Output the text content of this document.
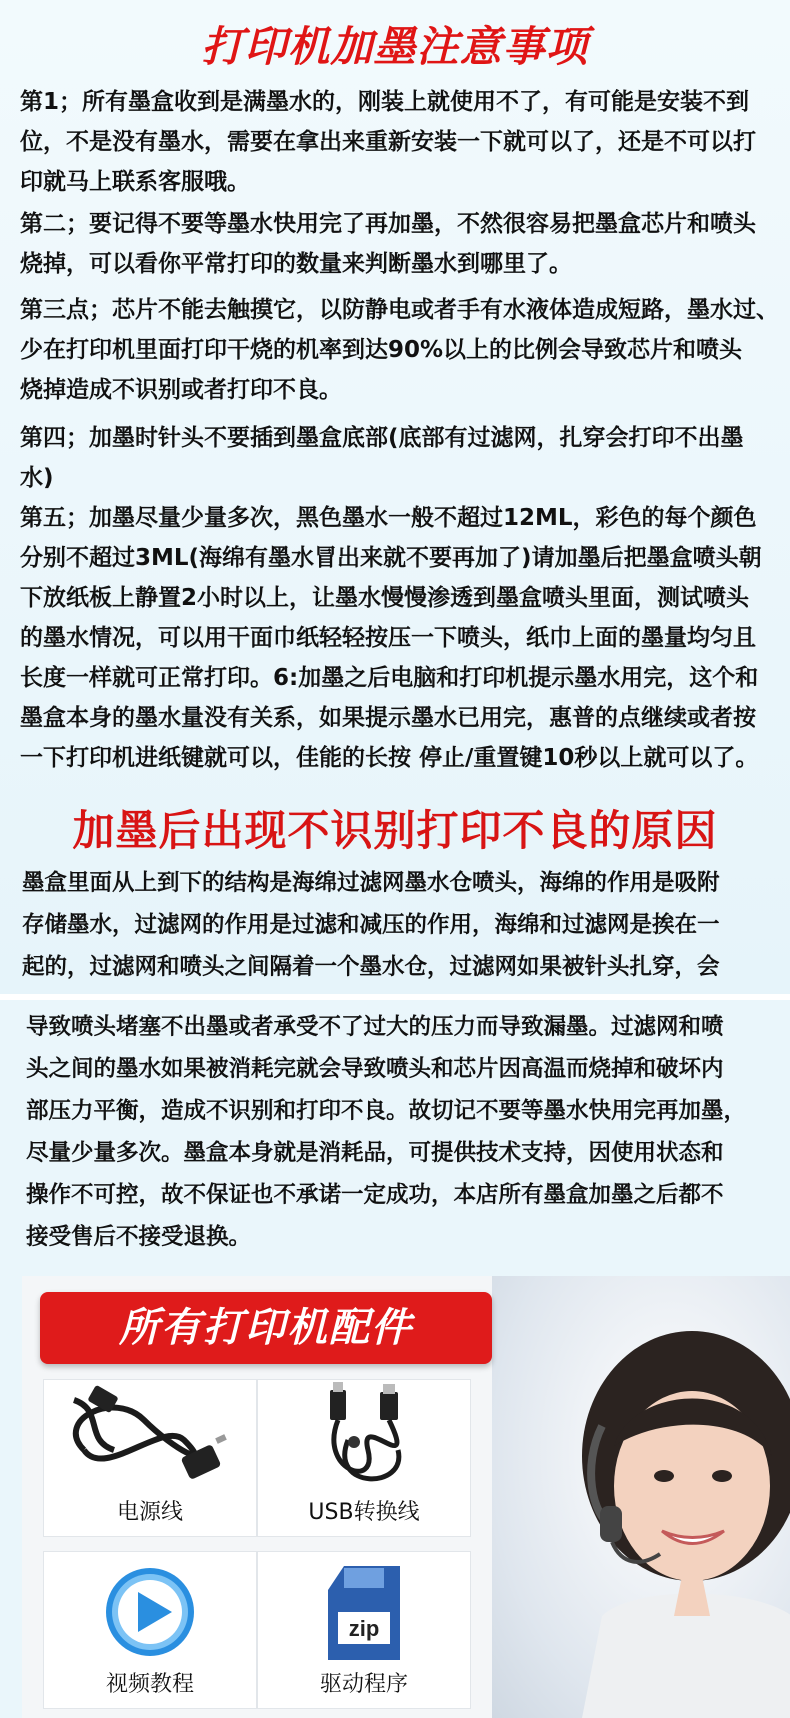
打印机加墨注意事项
第1；所有墨盒收到是满墨水的，刚装上就使用不了，有可能是安装不到
位，不是没有墨水，需要在拿出来重新安装一下就可以了，还是不可以打
印就马上联系客服哦。
第二；要记得不要等墨水快用完了再加墨，不然很容易把墨盒芯片和喷头
烧掉，可以看你平常打印的数量来判断墨水到哪里了。
第三点；芯片不能去触摸它，以防静电或者手有水液体造成短路，墨水过、
少在打印机里面打印干烧的机率到达90%以上的比例会导致芯片和喷头
烧掉造成不识别或者打印不良。
第四；加墨时针头不要插到墨盒底部(底部有过滤网，扎穿会打印不出墨
水)
第五；加墨尽量少量多次，黑色墨水一般不超过12ML，彩色的每个颜色
分别不超过3ML(海绵有墨水冒出来就不要再加了)请加墨后把墨盒喷头朝
下放纸板上静置2小时以上，让墨水慢慢渗透到墨盒喷头里面，测试喷头
的墨水情况，可以用干面巾纸轻轻按压一下喷头，纸巾上面的墨量均匀且
长度一样就可正常打印。6:加墨之后电脑和打印机提示墨水用完，这个和
墨盒本身的墨水量没有关系，如果提示墨水已用完，惠普的点继续或者按
一下打印机进纸键就可以，佳能的长按 停止/重置键10秒以上就可以了。
加墨后出现不识别打印不良的原因
墨盒里面从上到下的结构是海绵过滤网墨水仓喷头，海绵的作用是吸附
存储墨水，过滤网的作用是过滤和减压的作用，海绵和过滤网是挨在一
起的，过滤网和喷头之间隔着一个墨水仓，过滤网如果被针头扎穿，会
导致喷头堵塞不出墨或者承受不了过大的压力而导致漏墨。过滤网和喷
头之间的墨水如果被消耗完就会导致喷头和芯片因高温而烧掉和破坏内
部压力平衡，造成不识别和打印不良。故切记不要等墨水快用完再加墨，
尽量少量多次。墨盒本身就是消耗品，可提供技术支持，因使用状态和
操作不可控，故不保证也不承诺一定成功，本店所有墨盒加墨之后都不
接受售后不接受退换。
所有打印机配件
电源线	USB转换线
视频教程
zip
驱动程序
